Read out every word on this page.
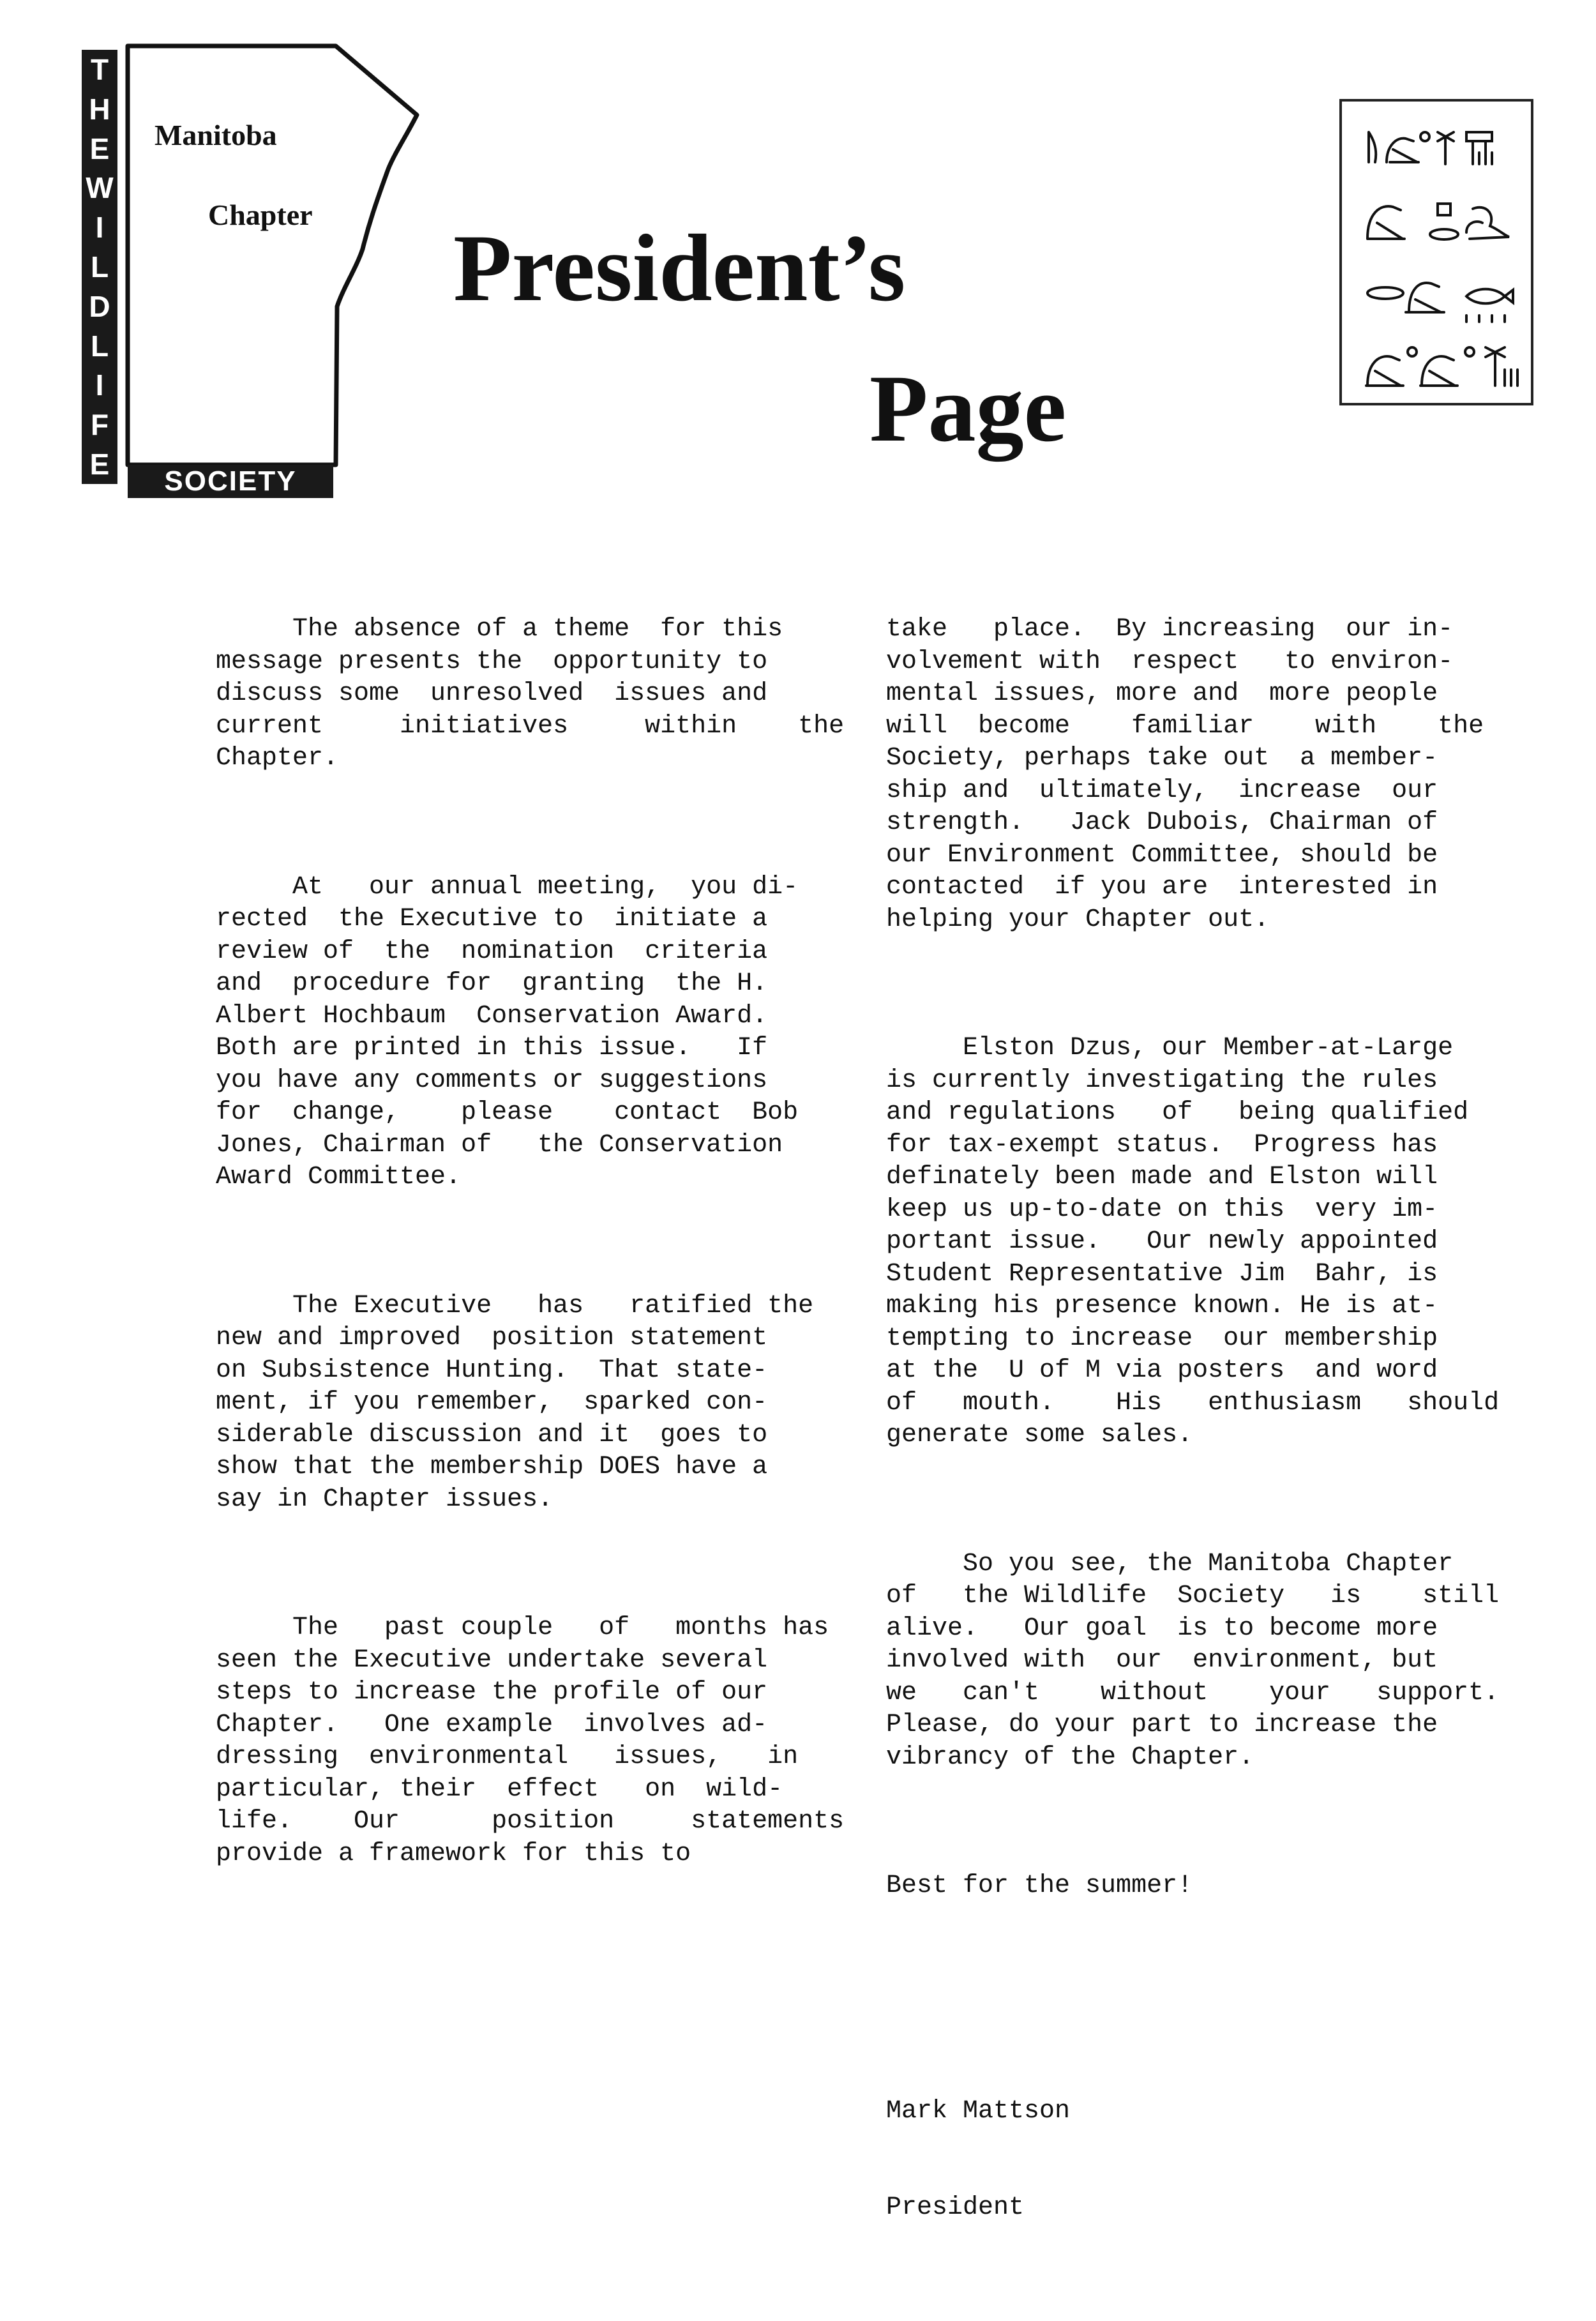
T
H
E
W
I
L
D
L
I
F
E
SOCIETY
Manitoba
Chapter
President’s
Page

The absence of a theme  for this
message presents the  opportunity to
discuss some  unresolved  issues and
current     initiatives     within    the
Chapter.

At   our annual meeting,  you di-
rected  the Executive to  initiate a
review of  the  nomination  criteria
and  procedure for  granting  the H.
Albert Hochbaum  Conservation Award.
Both are printed in this issue.   If
you have any comments or suggestions
for  change,    please    contact  Bob
Jones, Chairman of   the Conservation
Award Committee.

The Executive   has   ratified the
new and improved  position statement
on Subsistence Hunting.  That state-
ment, if you remember,  sparked con-
siderable discussion and it  goes to
show that the membership DOES have a
say in Chapter issues.

The   past couple   of   months has
seen the Executive undertake several
steps to increase the profile of our
Chapter.   One example  involves ad-
dressing  environmental   issues,   in
particular, their  effect   on  wild-
life.    Our      position     statements
provide a framework for this to

take   place.  By increasing  our in-
volvement with  respect   to environ-
mental issues, more and  more people
will  become    familiar    with    the
Society, perhaps take out  a member-
ship and  ultimately,  increase  our
strength.   Jack Dubois, Chairman of
our Environment Committee, should be
contacted  if you are  interested in
helping your Chapter out.

Elston Dzus, our Member-at-Large
is currently investigating the rules
and regulations   of   being qualified
for tax-exempt status.  Progress has
definately been made and Elston will
keep us up-to-date on this  very im-
portant issue.   Our newly appointed
Student Representative Jim  Bahr, is
making his presence known. He is at-
tempting to increase  our membership
at the  U of M via posters  and word
of   mouth.    His   enthusiasm   should
generate some sales.

So you see, the Manitoba Chapter
of   the Wildlife  Society   is    still
alive.   Our goal  is to become more
involved with  our  environment, but
we   can't    without    your   support.
Please, do your part to increase the
vibrancy of the Chapter.

Best for the summer!

Mark Mattson

President
